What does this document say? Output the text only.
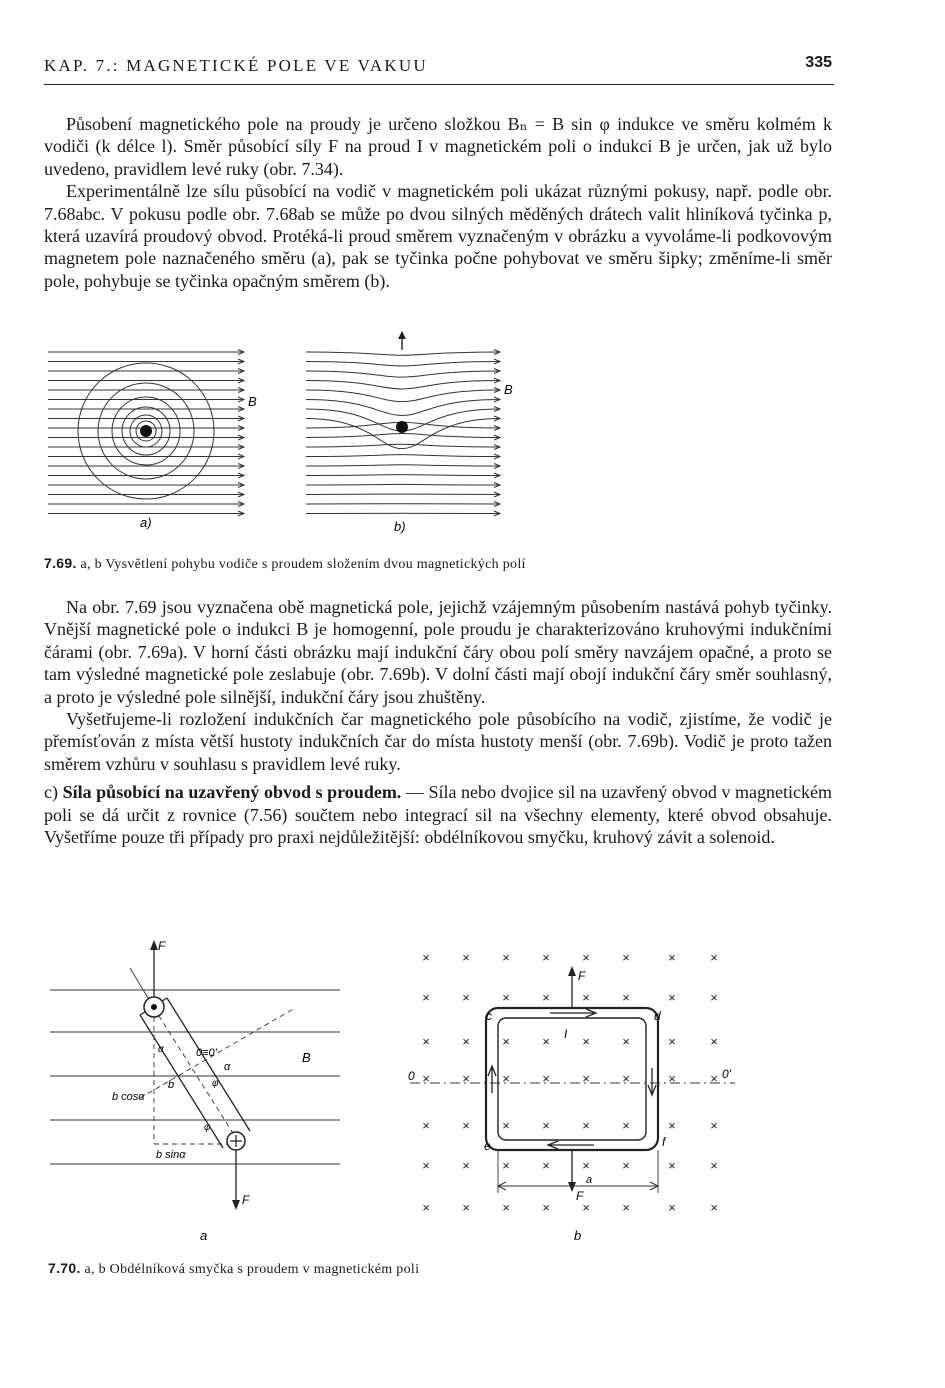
KAP. 7.: MAGNETICKÉ POLE VE VAKUU	335

Působení magnetického pole na proudy je určeno složkou Bₙ = B sin φ indukce ve směru kolmém k vodiči (k délce l). Směr působící síly F na proud I v magnetickém poli o indukci B je určen, jak už bylo uvedeno, pravidlem levé ruky (obr. 7.34).

Experimentálně lze sílu působící na vodič v magnetickém poli ukázat různými pokusy, např. podle obr. 7.68abc. V pokusu podle obr. 7.68ab se může po dvou silných měděných drátech valit hliníková tyčinka p, která uzavírá proudový obvod. Protéká-li proud směrem vyznačeným v obrázku a vyvoláme-li podkovovým magnetem pole naznačeného směru (a), pak se tyčinka počne pohybovat ve směru šipky; změníme-li směr pole, pohybuje se tyčinka opačným směrem (b).

B
a)
B
b)
7.69. a, b Vysvětlení pohybu vodiče s proudem složením dvou magnetických polí

Na obr. 7.69 jsou vyznačena obě magnetická pole, jejichž vzájemným působením nastává pohyb tyčinky. Vnější magnetické pole o indukci B je homogenní, pole proudu je charakterizováno kruhovými indukčními čárami (obr. 7.69a). V horní části obrázku mají indukční čáry obou polí směry navzájem opačné, a proto se tam výsledné magnetické pole zeslabuje (obr. 7.69b). V dolní části mají obojí indukční čáry směr souhlasný, a proto je výsledné pole silnější, indukční čáry jsou zhuštěny.

Vyšetřujeme-li rozložení indukčních čar magnetického pole působícího na vodič, zjistíme, že vodič je přemísťován z místa větší hustoty indukčních čar do místa hustoty menší (obr. 7.69b). Vodič je proto tažen směrem vzhůru v souhlasu s pravidlem levé ruky.

c) Síla působící na uzavřený obvod s proudem. — Síla nebo dvojice sil na uzavřený obvod v magnetickém poli se dá určit z rovnice (7.56) součtem nebo integrací sil na všechny elementy, které obvod obsahuje. Vyšetříme pouze tři případy pro praxi nejdůležitější: obdélníkovou smyčku, kruhový závit a solenoid.

F
F
0≡0'	B
α
α
b
b cosα
b sinα
φ
φ
a
× × × × × ×	×	×
× × × × × ×	×	×
× × × × × ×	×	×
× × × × × ×	×	×
× × × × × ×	×	×
× × × × × ×	×	×
× × × × × ×	×	×
F
F
I
c	d
e	f
0	0'
a
b
7.70. a, b Obdélníková smyčka s proudem v magnetickém poli
